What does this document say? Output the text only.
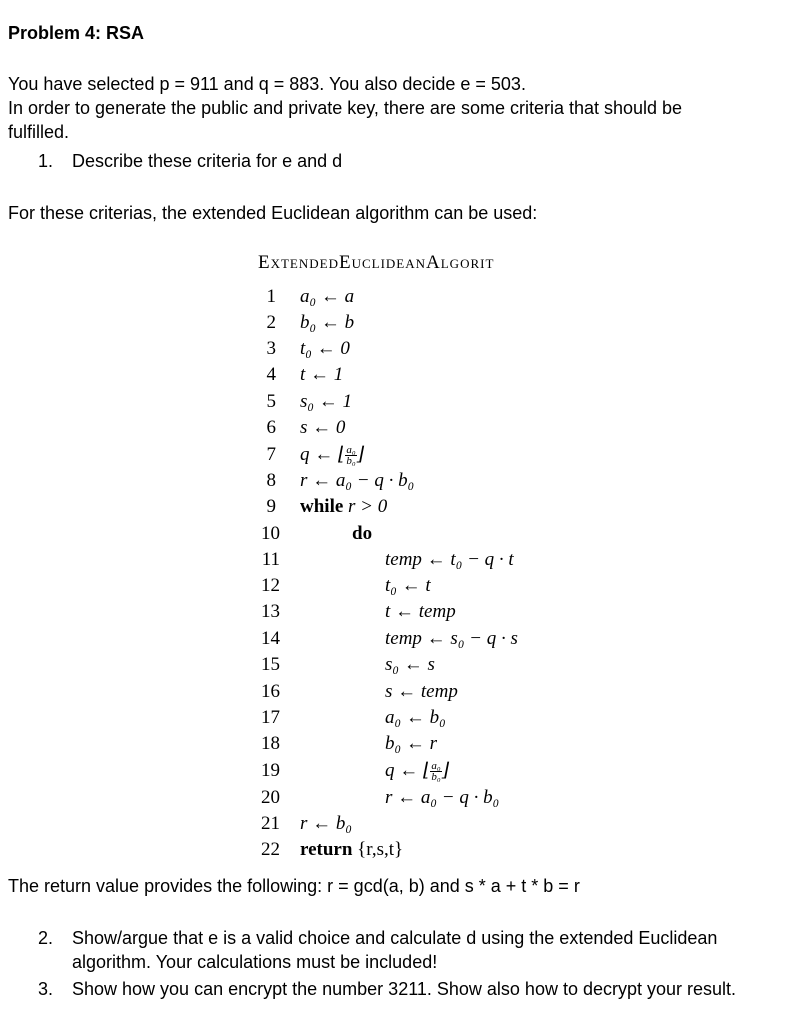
Problem 4: RSA
You have selected p = 911 and q = 883. You also decide e = 503.
In order to generate the public and private key, there are some criteria that should be
fulfilled.
1. Describe these criteria for e and d
For these criterias, the extended Euclidean algorithm can be used:
ExtendedEuclideanAlgorit
1 a₀ ← a
2 b₀ ← b
3 t₀ ← 0
4 t ← 1
5 s₀ ← 1
6 s ← 0
7 q ← ⌊ $\frac{\text{a₀}}{\text{b₀}}$ ⌋
8 r ← a₀ − q · b₀
9 while r > 0
10	do
11	temp ← t₀ − q · t
12	t₀ ← t
13	t ← temp
14	temp ← s₀ − q · s
15	s₀ ← s
16	s ← temp
17	a₀ ← b₀
18	b₀ ← r
19	q ← ⌊ $\frac{\text{a₀}}{\text{b₀}}$ ⌋
20	r ← a₀ − q · b₀
21 r ← b₀
22 return {r,s,t}
The return value provides the following: r = gcd(a, b) and s * a + t * b = r
2. Show/argue that e is a valid choice and calculate d using the extended Euclidean
algorithm. Your calculations must be included!
3. Show how you can encrypt the number 3211. Show also how to decrypt your result.
